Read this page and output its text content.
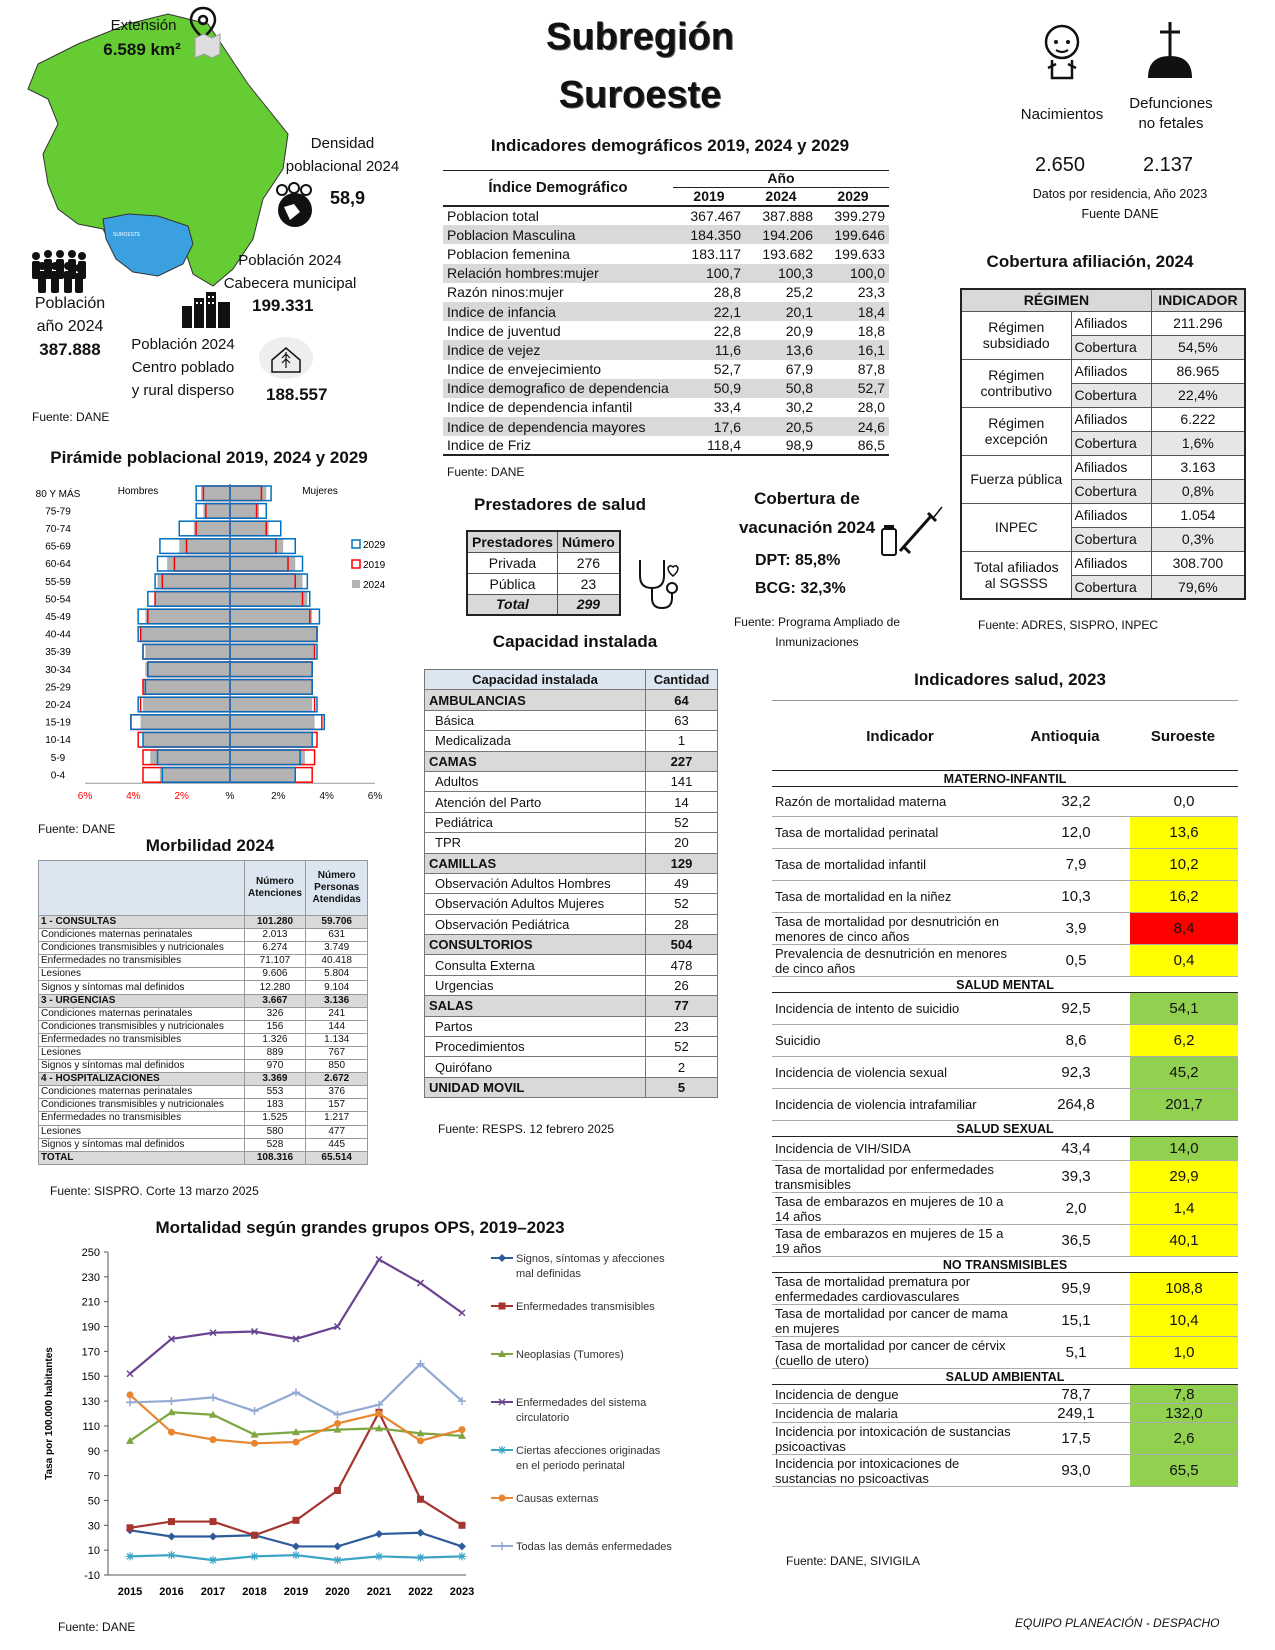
Subregión
Suroeste
SUROESTE
Extensión
6.589 km²
Densidad
poblacional 2024
58,9
Población
año 2024
387.888
Población 2024
Cabecera municipal
199.331
Población 2024
Centro poblado
y rural disperso	188.557
Fuente: DANE
Nacimientos
Defunciones
no fetales
2.650	2.137
Datos por residencia, Año 2023
Fuente DANE
Indicadores demográficos 2019, 2024 y 2029
Índice Demográfico	Año		
	2019	2024	2029
Poblacion total	367.467	387.888	399.279
Poblacion Masculina	184.350	194.206	199.646
Poblacion femenina	183.117	193.682	199.633
Relación hombres:mujer	100,7	100,3	100,0
Razón ninos:mujer	28,8	25,2	23,3
Indice de infancia	22,1	20,1	18,4
Indice de juventud	22,8	20,9	18,8
Indice de vejez	11,6	13,6	16,1
Indice de envejecimiento	52,7	67,9	87,8
Indice demografico de dependencia	50,9	50,8	52,7
Indice de dependencia infantil	33,4	30,2	28,0
Indice de dependencia mayores	17,6	20,5	24,6
Indice de Friz	118,4	98,9	86,5
Fuente: DANE
Cobertura afiliación, 2024
RÉGIMEN		INDICADOR

Régimen
subsidiado	Afiliados	211.296
	Cobertura	54,5%

Régimen
contributivo	Afiliados	86.965
	Cobertura	22,4%

Régimen
excepción	Afiliados	6.222
	Cobertura	1,6%

Fuerza pública	Afiliados	3.163
	Cobertura	0,8%

INPEC	Afiliados	1.054
	Cobertura	0,3%

Total afiliados
al SGSSS	Afiliados	308.700
	Cobertura	79,6%
Fuente: ADRES, SISPRO, INPEC
Prestadores de salud
Prestadores	Número
Privada	276
Pública	23
Total	299
Cobertura de
vacunación 2024
DPT: 85,8%
BCG: 32,3%
Fuente: Programa Ampliado de
Inmunizaciones
Capacidad instalada
Capacidad instalada	Cantidad
AMBULANCIAS	64
Básica	63
Medicalizada	1
CAMAS	227
Adultos	141
Atención del Parto	14
Pediátrica	52
TPR	20
CAMILLAS	129
Observación Adultos Hombres	49
Observación Adultos Mujeres	52
Observación Pediátrica	28
CONSULTORIOS	504
Consulta Externa	478
Urgencias	26
SALAS	77
Partos	23
Procedimientos	52
Quirófano	2
UNIDAD MOVIL	5
Fuente: RESPS. 12 febrero 2025
Pirámide poblacional 2019, 2024 y 2029
0-4
5-9
10-14
15-19
20-24
25-29
30-34
35-39
40-44
45-49
50-54
55-59
60-64
65-69
70-74
75-79
80 Y MÁS
6%	4%	2%	%	2%	4%	6%
Hombres	Mujeres
2029
2019
2024
Fuente: DANE
Morbilidad 2024
	Número Atenciones	Número Personas Atendidas
1 - CONSULTAS	101.280	59.706
Condiciones maternas perinatales	2.013	631
Condiciones transmisibles y nutricionales	6.274	3.749
Enfermedades no transmisibles	71.107	40.418
Lesiones	9.606	5.804
Signos y síntomas mal definidos	12.280	9.104
3 - URGENCIAS	3.667	3.136
Condiciones maternas perinatales	326	241
Condiciones transmisibles y nutricionales	156	144
Enfermedades no transmisibles	1.326	1.134
Lesiones	889	767
Signos y síntomas mal definidos	970	850
4 - HOSPITALIZACIONES	3.369	2.672
Condiciones maternas perinatales	553	376
Condiciones transmisibles y nutricionales	183	157
Enfermedades no transmisibles	1.525	1.217
Lesiones	580	477
Signos y síntomas mal definidos	528	445
TOTAL	108.316	65.514
Fuente: SISPRO. Corte 13 marzo 2025
Mortalidad según grandes grupos OPS, 2019–2023
-10
10
30
50
70
90
110
130
150
170
190
210
230
250
2015 2016 2017 2018 2019 2020 2021 2022 2023
Tasa por 100.000 habitantes
Signos, síntomas y afecciones mal definidas
Enfermedades transmisibles
Neoplasias (Tumores)
Enfermedades del sistema circulatorio
Ciertas afecciones originadas en el periodo perinatal
Causas externas
Todas las demás enfermedades
Indicadores salud, 2023
Indicador	Antioquia	Suroeste
MATERNO-INFANTIL		
Razón de mortalidad materna	32,2	0,0
Tasa de mortalidad perinatal	12,0	13,6
Tasa de mortalidad infantil	7,9	10,2
Tasa de mortalidad en la niñez	10,3	16,2
Tasa de mortalidad por desnutrición en menores de cinco años	3,9	8,4
Prevalencia de desnutrición en menores de cinco años	0,5	0,4
SALUD MENTAL		
Incidencia de intento de suicidio	92,5	54,1
Suicidio	8,6	6,2
Incidencia de violencia sexual	92,3	45,2
Incidencia de violencia intrafamiliar	264,8	201,7
SALUD SEXUAL		
Incidencia de VIH/SIDA	43,4	14,0
Tasa de mortalidad por enfermedades transmisibles	39,3	29,9
Tasa de embarazos en mujeres de 10 a 14 años	2,0	1,4
Tasa de embarazos en mujeres de 15 a 19 años	36,5	40,1
NO TRANSMISIBLES		
Tasa de mortalidad prematura por enfermedades cardiovasculares	95,9	108,8
Tasa de mortalidad por cancer de mama en mujeres	15,1	10,4
Tasa de mortalidad por cancer de cérvix (cuello de utero)	5,1	1,0
SALUD AMBIENTAL		
Incidencia de dengue	78,7	7,8
Incidencia de malaria	249,1	132,0
Incidencia por intoxicación de sustancias psicoactivas	17,5	2,6
Incidencia por intoxicaciones de sustancias no psicoactivas	93,0	65,5
Fuente: DANE, SIVIGILA
Fuente: DANE	EQUIPO PLANEACIÓN - DESPACHO
